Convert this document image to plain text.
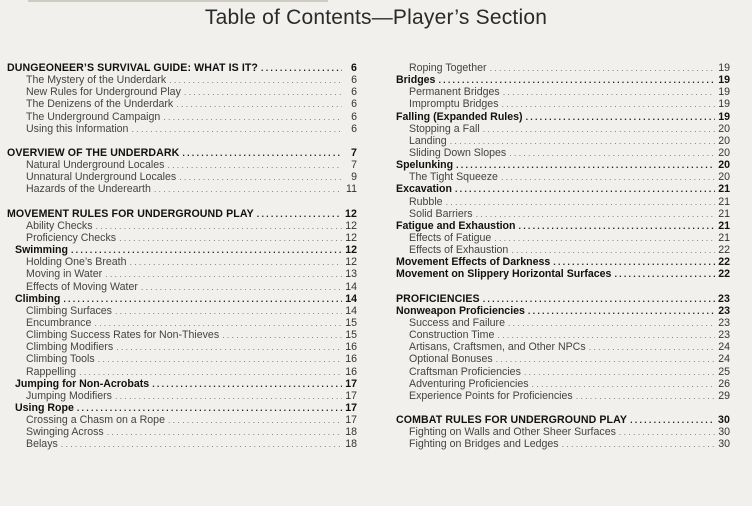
Table of Contents—Player’s Section
DUNGEONEER’S SURVIVAL GUIDE: WHAT IS IT? .....	6
The Mystery of the Underdark .....	6
New Rules for Underground Play .....	6
The Denizens of the Underdark .....	6
The Underground Campaign .....	6
Using this Information .....	6
OVERVIEW OF THE UNDERDARK .....	7
Natural Underground Locales .....	7
Unnatural Underground Locales .....	9
Hazards of the Underearth .....	11
MOVEMENT RULES FOR UNDERGROUND PLAY .....	12
Ability Checks .....	12
Proficiency Checks .....	12
Swimming .....	12
Holding One’s Breath .....	12
Moving in Water .....	13
Effects of Moving Water .....	14
Climbing .....	14
Climbing Surfaces .....	14
Encumbrance .....	15
Climbing Success Rates for Non-Thieves .....	15
Climbing Modifiers .....	16
Climbing Tools .....	16
Rappelling .....	16
Jumping for Non-Acrobats .....	17
Jumping Modifiers .....	17
Using Rope .....	17
Crossing a Chasm on a Rope .....	17
Swinging Across .....	18
Belays .....	18
Roping Together .....	19
Bridges .....	19
Permanent Bridges .....	19
Impromptu Bridges .....	19
Falling (Expanded Rules) .....	19
Stopping a Fall .....	20
Landing .....	20
Sliding Down Slopes .....	20
Spelunking .....	20
The Tight Squeeze .....	20
Excavation .....	21
Rubble .....	21
Solid Barriers .....	21
Fatigue and Exhaustion .....	21
Effects of Fatigue .....	21
Effects of Exhaustion .....	22
Movement Effects of Darkness .....	22
Movement on Slippery Horizontal Surfaces .....	22
PROFICIENCIES .....	23
Nonweapon Proficiencies .....	23
Success and Failure .....	23
Construction Time .....	23
Artisans, Craftsmen, and Other NPCs .....	24
Optional Bonuses .....	24
Craftsman Proficiencies .....	25
Adventuring Proficiencies .....	26
Experience Points for Proficiencies .....	29
COMBAT RULES FOR UNDERGROUND PLAY .....	30
Fighting on Walls and Other Sheer Surfaces .....	30
Fighting on Bridges and Ledges .....	30
